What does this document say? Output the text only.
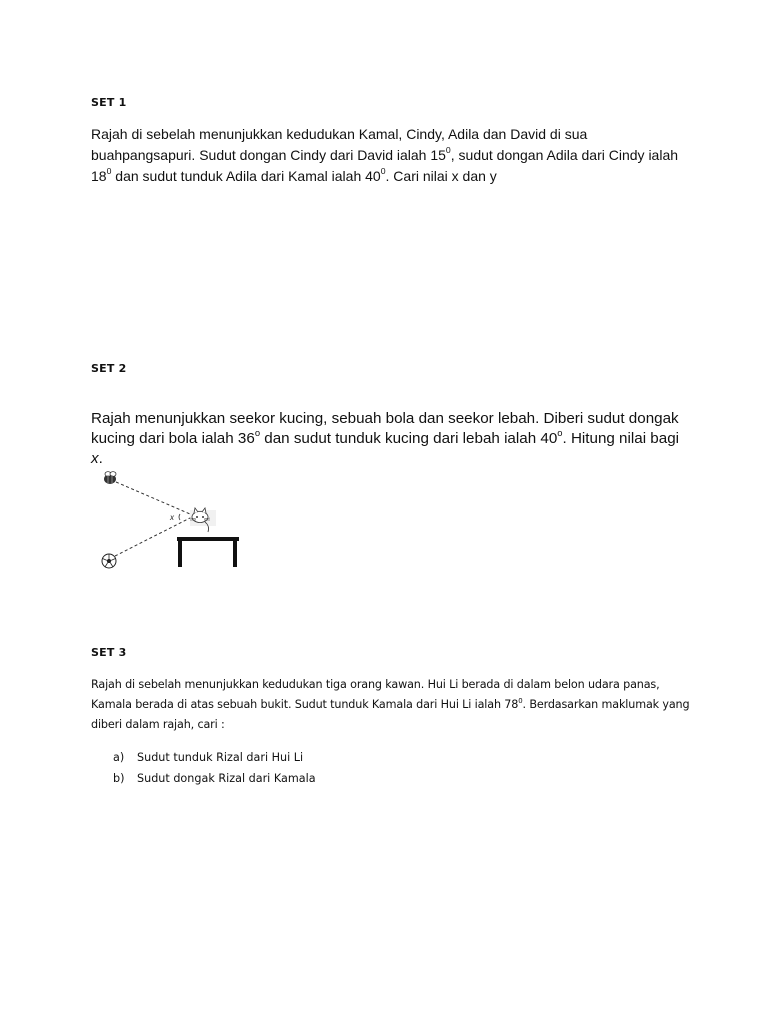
SET 1
Rajah di sebelah menunjukkan kedudukan Kamal, Cindy, Adila dan David di sua buahpangsapuri. Sudut dongan Cindy dari David ialah $15^0$, sudut dongan Adila dari Cindy ialah $18^0$ dan sudut tunduk Adila dari Kamal ialah $40^0$. Cari nilai x dan y
SET 2
Rajah menunjukkan seekor kucing, sebuah bola dan seekor lebah. Diberi sudut dongak kucing dari bola ialah 36$^o$ dan sudut tunduk kucing dari lebah ialah 40$^o$. Hitung nilai bagi x.
x
SET 3
Rajah di sebelah menunjukkan kedudukan tiga orang kawan. Hui Li berada di dalam belon udara panas, Kamala berada di atas sebuah bukit. Sudut tunduk Kamala dari Hui Li ialah $78^0$. Berdasarkan maklumak yang diberi dalam rajah, cari :
a)	Sudut tunduk Rizal dari Hui Li
b)	Sudut dongak Rizal dari Kamala
